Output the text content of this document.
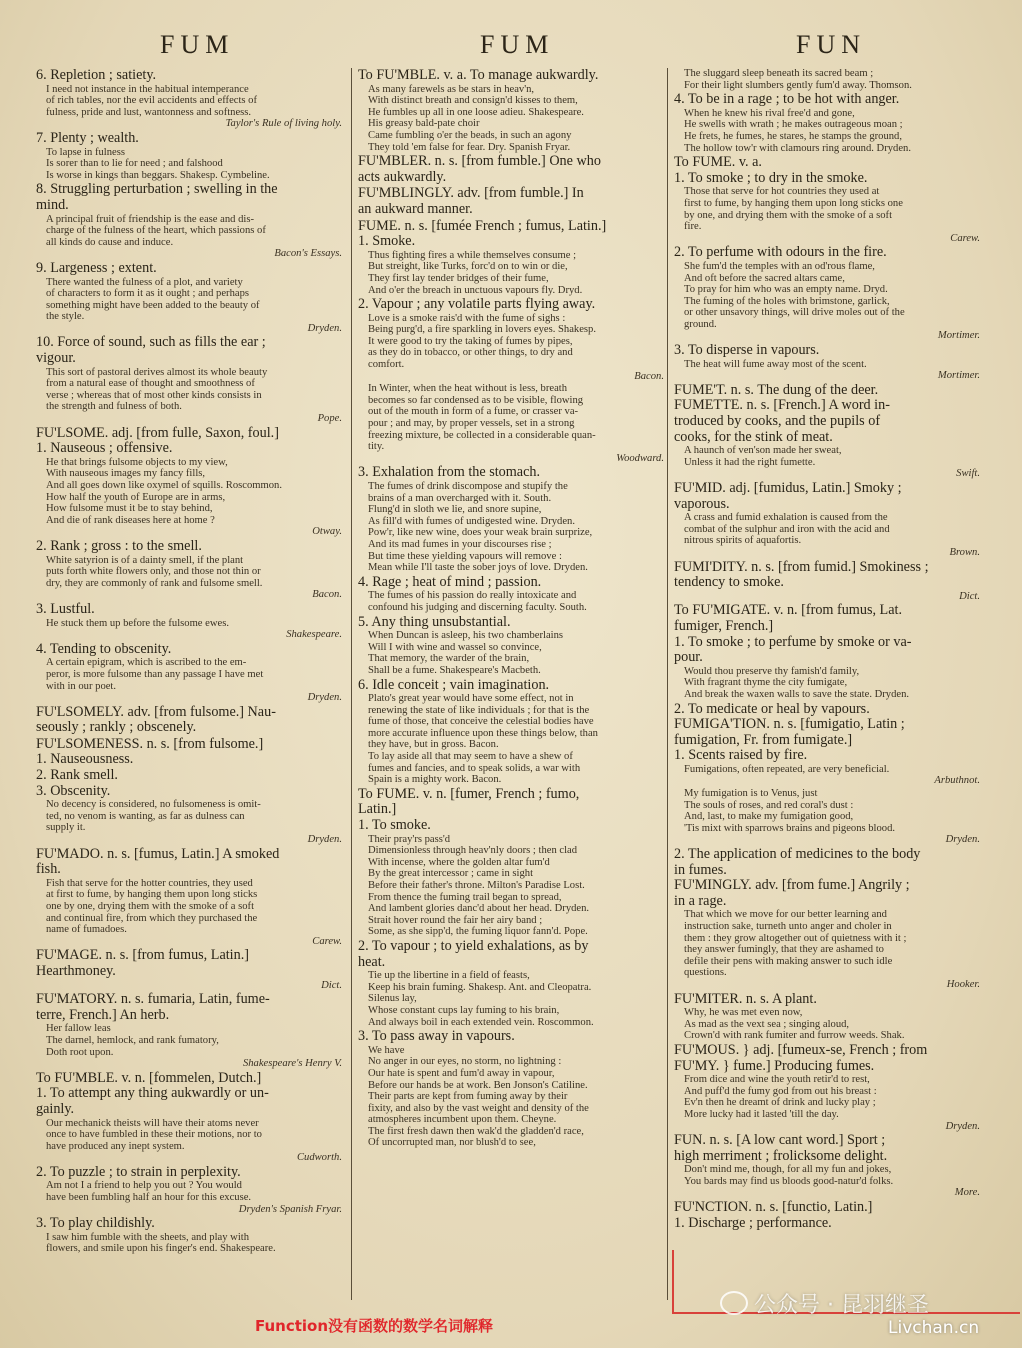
FUM	FUM	FUN
6. Repletion ; satiety.
I need not instance in the habitual intemperance
of rich tables, nor the evil accidents and effects of
fulness, pride and lust, wantonness and softness.
Taylor's Rule of living holy.
7. Plenty ; wealth.
To lapse in fulness
Is sorer than to lie for need ; and falshood
Is worse in kings than beggars. Shakesp. Cymbeline.
8. Struggling perturbation ; swelling in the
mind.
A principal fruit of friendship is the ease and dis-
charge of the fulness of the heart, which passions of
all kinds do cause and induce.
Bacon's Essays.
9. Largeness ; extent.
There wanted the fulness of a plot, and variety
of characters to form it as it ought ; and perhaps
something might have been added to the beauty of
the style.
Dryden.
10. Force of sound, such as fills the ear ;
vigour.
This sort of pastoral derives almost its whole beauty
from a natural ease of thought and smoothness of
verse ; whereas that of most other kinds consists in
the strength and fulness of both.
Pope.
FU'LSOME. adj. [from fulle, Saxon, foul.]
1. Nauseous ; offensive.
He that brings fulsome objects to my view,
With nauseous images my fancy fills,
And all goes down like oxymel of squills. Roscommon.
How half the youth of Europe are in arms,
How fulsome must it be to stay behind,
And die of rank diseases here at home ?
Otway.
2. Rank ; gross : to the smell.
White satyrion is of a dainty smell, if the plant
puts forth white flowers only, and those not thin or
dry, they are commonly of rank and fulsome smell.
Bacon.
3. Lustful.
He stuck them up before the fulsome ewes.
Shakespeare.
4. Tending to obscenity.
A certain epigram, which is ascribed to the em-
peror, is more fulsome than any passage I have met
with in our poet.
Dryden.
FU'LSOMELY. adv. [from fulsome.] Nau-
seously ; rankly ; obscenely.
FU'LSOMENESS. n. s. [from fulsome.]
1. Nauseousness.
2. Rank smell.
3. Obscenity.
No decency is considered, no fulsomeness is omit-
ted, no venom is wanting, as far as dulness can
supply it.
Dryden.
FU'MADO. n. s. [fumus, Latin.] A smoked
fish.
Fish that serve for the hotter countries, they used
at first to fume, by hanging them upon long sticks
one by one, drying them with the smoke of a soft
and continual fire, from which they purchased the
name of fumadoes.
Carew.
FU'MAGE. n. s. [from fumus, Latin.]
Hearthmoney.
Dict.
FU'MATORY. n. s. fumaria, Latin, fume-
terre, French.] An herb.
Her fallow leas
The darnel, hemlock, and rank fumatory,
Doth root upon.
Shakespeare's Henry V.
To FU'MBLE. v. n. [fommelen, Dutch.]
1. To attempt any thing aukwardly or un-
gainly.
Our mechanick theists will have their atoms never
once to have fumbled in these their motions, nor to
have produced any inept system.
Cudworth.
2. To puzzle ; to strain in perplexity.
Am not I a friend to help you out ? You would
have been fumbling half an hour for this excuse.
Dryden's Spanish Fryar.
3. To play childishly.
I saw him fumble with the sheets, and play with
flowers, and smile upon his finger's end. Shakespeare.
To FU'MBLE. v. a. To manage aukwardly.
As many farewels as be stars in heav'n,
With distinct breath and consign'd kisses to them,
He fumbles up all in one loose adieu. Shakespeare.
His greasy bald-pate choir
Came fumbling o'er the beads, in such an agony
They told 'em false for fear. Dry. Spanish Fryar.
FU'MBLER. n. s. [from fumble.] One who
acts aukwardly.
FU'MBLINGLY. adv. [from fumble.] In
an aukward manner.
FUME. n. s. [fumée French ; fumus, Latin.]
1. Smoke.
Thus fighting fires a while themselves consume ;
But streight, like Turks, forc'd on to win or die,
They first lay tender bridges of their fume,
And o'er the breach in unctuous vapours fly. Dryd.
2. Vapour ; any volatile parts flying away.
Love is a smoke rais'd with the fume of sighs :
Being purg'd, a fire sparkling in lovers eyes. Shakesp.
It were good to try the taking of fumes by pipes,
as they do in tobacco, or other things, to dry and
comfort.
Bacon.
In Winter, when the heat without is less, breath
becomes so far condensed as to be visible, flowing
out of the mouth in form of a fume, or crasser va-
pour ; and may, by proper vessels, set in a strong
freezing mixture, be collected in a considerable quan-
tity.
Woodward.
3. Exhalation from the stomach.
The fumes of drink discompose and stupify the
brains of a man overcharged with it. South.
Flung'd in sloth we lie, and snore supine,
As fill'd with fumes of undigested wine. Dryden.
Pow'r, like new wine, does your weak brain surprize,
And its mad fumes in your discourses rise ;
But time these yielding vapours will remove :
Mean while I'll taste the sober joys of love. Dryden.
4. Rage ; heat of mind ; passion.
The fumes of his passion do really intoxicate and
confound his judging and discerning faculty. South.
5. Any thing unsubstantial.
When Duncan is asleep, his two chamberlains
Will I with wine and wassel so convince,
That memory, the warder of the brain,
Shall be a fume. Shakespeare's Macbeth.
6. Idle conceit ; vain imagination.
Plato's great year would have some effect, not in
renewing the state of like individuals ; for that is the
fume of those, that conceive the celestial bodies have
more accurate influence upon these things below, than
they have, but in gross. Bacon.
To lay aside all that may seem to have a shew of
fumes and fancies, and to speak solids, a war with
Spain is a mighty work. Bacon.
To FUME. v. n. [fumer, French ; fumo,
Latin.]
1. To smoke.
Their pray'rs pass'd
Dimensionless through heav'nly doors ; then clad
With incense, where the golden altar fum'd
By the great intercessor ; came in sight
Before their father's throne. Milton's Paradise Lost.
From thence the fuming trail began to spread,
And lambent glories danc'd about her head. Dryden.
Strait hover round the fair her airy band ;
Some, as she sipp'd, the fuming liquor fann'd. Pope.
2. To vapour ; to yield exhalations, as by
heat.
Tie up the libertine in a field of feasts,
Keep his brain fuming. Shakesp. Ant. and Cleopatra.
Silenus lay,
Whose constant cups lay fuming to his brain,
And always boil in each extended vein. Roscommon.
3. To pass away in vapours.
We have
No anger in our eyes, no storm, no lightning :
Our hate is spent and fum'd away in vapour,
Before our hands be at work. Ben Jonson's Catiline.
Their parts are kept from fuming away by their
fixity, and also by the vast weight and density of the
atmospheres incumbent upon them. Cheyne.
The first fresh dawn then wak'd the gladden'd race,
Of uncorrupted man, nor blush'd to see,
The sluggard sleep beneath its sacred beam ;
For their light slumbers gently fum'd away. Thomson.
4. To be in a rage ; to be hot with anger.
When he knew his rival free'd and gone,
He swells with wrath ; he makes outrageous moan ;
He frets, he fumes, he stares, he stamps the ground,
The hollow tow'r with clamours ring around. Dryden.
To FUME. v. a.
1. To smoke ; to dry in the smoke.
Those that serve for hot countries they used at
first to fume, by hanging them upon long sticks one
by one, and drying them with the smoke of a soft
fire.
Carew.
2. To perfume with odours in the fire.
She fum'd the temples with an od'rous flame,
And oft before the sacred altars came,
To pray for him who was an empty name. Dryd.
The fuming of the holes with brimstone, garlick,
or other unsavory things, will drive moles out of the
ground.
Mortimer.
3. To disperse in vapours.
The heat will fume away most of the scent.
Mortimer.
FUME'T. n. s. The dung of the deer.
FUMETTE. n. s. [French.] A word in-
troduced by cooks, and the pupils of
cooks, for the stink of meat.
A haunch of ven'son made her sweat,
Unless it had the right fumette.
Swift.
FU'MID. adj. [fumidus, Latin.] Smoky ;
vaporous.
A crass and fumid exhalation is caused from the
combat of the sulphur and iron with the acid and
nitrous spirits of aquafortis.
Brown.
FUMI'DITY. n. s. [from fumid.] Smokiness ;
tendency to smoke.
Dict.
To FU'MIGATE. v. n. [from fumus, Lat.
fumiger, French.]
1. To smoke ; to perfume by smoke or va-
pour.
Would thou preserve thy famish'd family,
With fragrant thyme the city fumigate,
And break the waxen walls to save the state. Dryden.
2. To medicate or heal by vapours.
FUMIGA'TION. n. s. [fumigatio, Latin ;
fumigation, Fr. from fumigate.]
1. Scents raised by fire.
Fumigations, often repeated, are very beneficial.
Arbuthnot.
My fumigation is to Venus, just
The souls of roses, and red coral's dust :
And, last, to make my fumigation good,
'Tis mixt with sparrows brains and pigeons blood.
Dryden.
2. The application of medicines to the body
in fumes.
FU'MINGLY. adv. [from fume.] Angrily ;
in a rage.
That which we move for our better learning and
instruction sake, turneth unto anger and choler in
them : they grow altogether out of quietness with it ;
they answer fumingly, that they are ashamed to
defile their pens with making answer to such idle
questions.
Hooker.
FU'MITER. n. s. A plant.
Why, he was met even now,
As mad as the vext sea ; singing aloud,
Crown'd with rank fumiter and furrow weeds. Shak.
FU'MOUS. } adj. [fumeux-se, French ; from
FU'MY. } fume.] Producing fumes.
From dice and wine the youth retir'd to rest,
And puff'd the fumy god from out his breast :
Ev'n then he dreamt of drink and lucky play ;
More lucky had it lasted 'till the day.
Dryden.
FUN. n. s. [A low cant word.] Sport ;
high merriment ; frolicksome delight.
Don't mind me, though, for all my fun and jokes,
You bards may find us bloods good-natur'd folks.
More.
FU'NCTION. n. s. [functio, Latin.]
1. Discharge ; performance.
公众号 · 昆羽继圣
Function没有函数的数学名词解释	Livchan.cn
